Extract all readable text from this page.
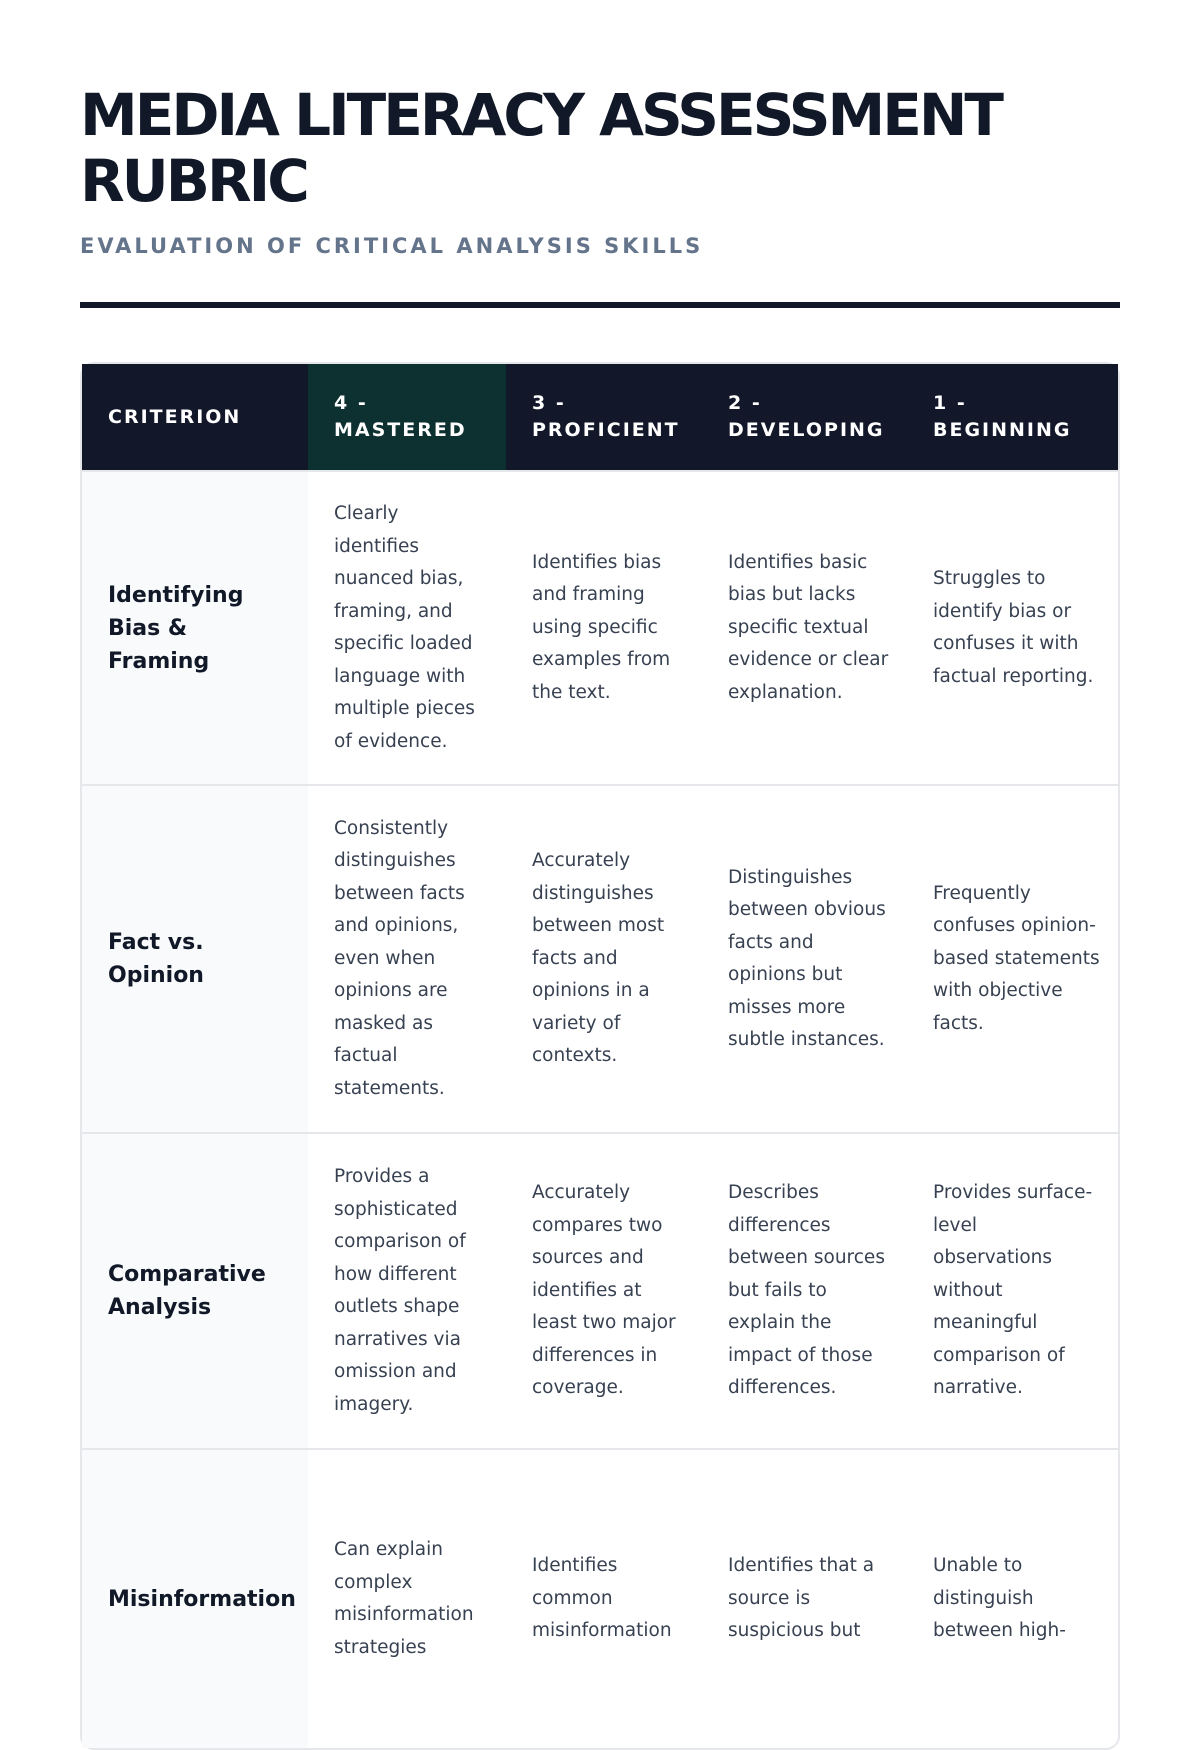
MEDIA LITERACY ASSESSMENT RUBRIC
EVALUATION OF CRITICAL ANALYSIS SKILLS
CRITERION
4 - MASTERED
3 - PROFICIENT
2 - DEVELOPING
1 - BEGINNING
Identifying Bias & Framing
Clearly identifies nuanced bias, framing, and specific loaded language with multiple pieces of evidence.
Identifies bias and framing using specific examples from the text.
Identifies basic bias but lacks specific textual evidence or clear explanation.
Struggles to identify bias or confuses it with factual reporting.
Fact vs. Opinion
Consistently distinguishes between facts and opinions, even when opinions are masked as factual statements.
Accurately distinguishes between most facts and opinions in a variety of contexts.
Distinguishes between obvious facts and opinions but misses more subtle instances.
Frequently confuses opinion-based statements with objective facts.
Comparative Analysis
Provides a sophisticated comparison of how different outlets shape narratives via omission and imagery.
Accurately compares two sources and identifies at least two major differences in coverage.
Describes differences between sources but fails to explain the impact of those differences.
Provides surface-level observations without meaningful comparison of narrative.
Misinformation
Can explain complex misinformation strategies
Identifies common misinformation
Identifies that a source is suspicious but
Unable to distinguish between high-
